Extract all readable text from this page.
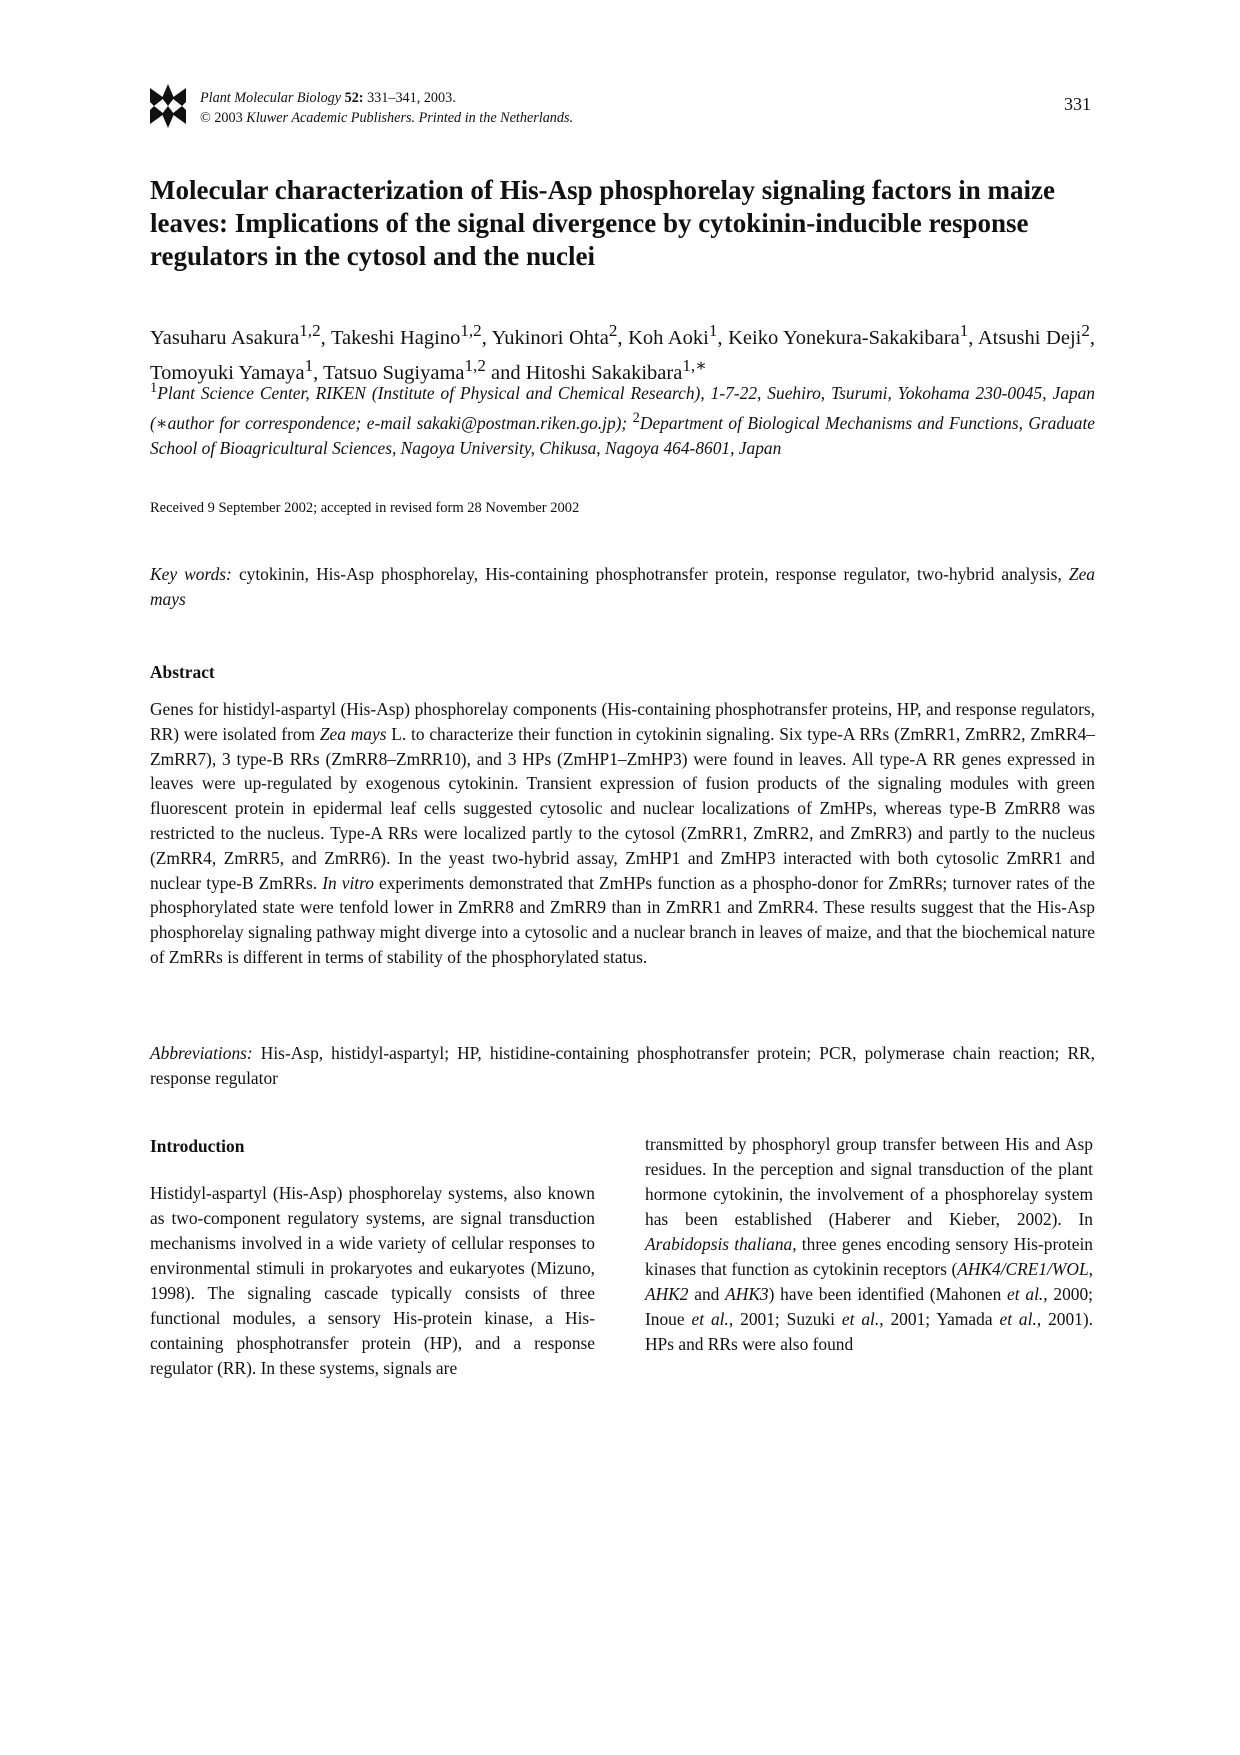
Plant Molecular Biology 52: 331–341, 2003.
© 2003 Kluwer Academic Publishers. Printed in the Netherlands.
331
Molecular characterization of His-Asp phosphorelay signaling factors in maize leaves: Implications of the signal divergence by cytokinin-inducible response regulators in the cytosol and the nuclei
Yasuharu Asakura$^{1,2}$, Takeshi Hagino$^{1,2}$, Yukinori Ohta$^2$, Koh Aoki$^1$, Keiko Yonekura-Sakakibara$^1$, Atsushi Deji$^2$, Tomoyuki Yamaya$^1$, Tatsuo Sugiyama$^{1,2}$ and Hitoshi Sakakibara$^{1,∗}$
$^1$Plant Science Center, RIKEN (Institute of Physical and Chemical Research), 1-7-22, Suehiro, Tsurumi, Yokohama 230-0045, Japan (∗author for correspondence; e-mail sakaki@postman.riken.go.jp); $^2$Department of Biological Mechanisms and Functions, Graduate School of Bioagricultural Sciences, Nagoya University, Chikusa, Nagoya 464-8601, Japan
Received 9 September 2002; accepted in revised form 28 November 2002
Key words: cytokinin, His-Asp phosphorelay, His-containing phosphotransfer protein, response regulator, two-hybrid analysis, Zea mays
Abstract
Genes for histidyl-aspartyl (His-Asp) phosphorelay components (His-containing phosphotransfer proteins, HP, and response regulators, RR) were isolated from Zea mays L. to characterize their function in cytokinin signaling. Six type-A RRs (ZmRR1, ZmRR2, ZmRR4–ZmRR7), 3 type-B RRs (ZmRR8–ZmRR10), and 3 HPs (ZmHP1–ZmHP3) were found in leaves. All type-A RR genes expressed in leaves were up-regulated by exogenous cytokinin. Transient expression of fusion products of the signaling modules with green fluorescent protein in epidermal leaf cells suggested cytosolic and nuclear localizations of ZmHPs, whereas type-B ZmRR8 was restricted to the nucleus. Type-A RRs were localized partly to the cytosol (ZmRR1, ZmRR2, and ZmRR3) and partly to the nucleus (ZmRR4, ZmRR5, and ZmRR6). In the yeast two-hybrid assay, ZmHP1 and ZmHP3 interacted with both cytosolic ZmRR1 and nuclear type-B ZmRRs. In vitro experiments demonstrated that ZmHPs function as a phospho-donor for ZmRRs; turnover rates of the phosphorylated state were tenfold lower in ZmRR8 and ZmRR9 than in ZmRR1 and ZmRR4. These results suggest that the His-Asp phosphorelay signaling pathway might diverge into a cytosolic and a nuclear branch in leaves of maize, and that the biochemical nature of ZmRRs is different in terms of stability of the phosphorylated status.
Abbreviations: His-Asp, histidyl-aspartyl; HP, histidine-containing phosphotransfer protein; PCR, polymerase chain reaction; RR, response regulator
Introduction
Histidyl-aspartyl (His-Asp) phosphorelay systems, also known as two-component regulatory systems, are signal transduction mechanisms involved in a wide variety of cellular responses to environmental stimuli in prokaryotes and eukaryotes (Mizuno, 1998). The signaling cascade typically consists of three functional modules, a sensory His-protein kinase, a His-containing phosphotransfer protein (HP), and a response regulator (RR). In these systems, signals are
transmitted by phosphoryl group transfer between His and Asp residues. In the perception and signal transduction of the plant hormone cytokinin, the involvement of a phosphorelay system has been established (Haberer and Kieber, 2002). In Arabidopsis thaliana, three genes encoding sensory His-protein kinases that function as cytokinin receptors (AHK4/CRE1/WOL, AHK2 and AHK3) have been identified (Mahonen et al., 2000; Inoue et al., 2001; Suzuki et al., 2001; Yamada et al., 2001). HPs and RRs were also found
